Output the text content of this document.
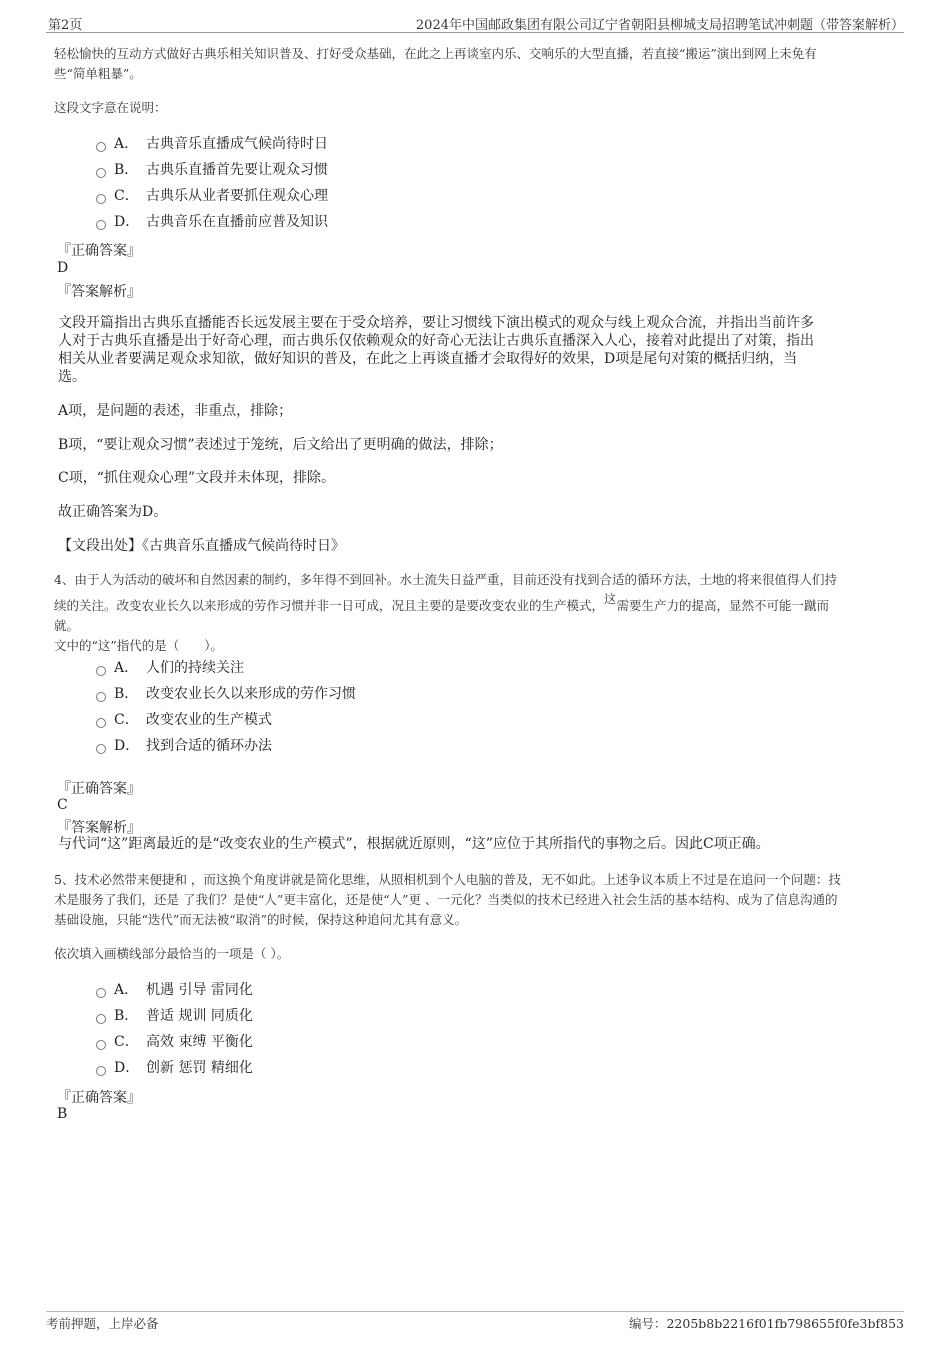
第2页	2024年中国邮政集团有限公司辽宁省朝阳县柳城支局招聘笔试冲刺题（带答案解析）
轻松愉快的互动方式做好古典乐相关知识普及、打好受众基础，在此之上再谈室内乐、交响乐的大型直播，若直接“搬运”演出到网上未免有
些“简单粗暴”。
这段文字意在说明：
A． 古典音乐直播成气候尚待时日
B． 古典乐直播首先要让观众习惯
C． 古典乐从业者要抓住观众心理
D． 古典音乐在直播前应普及知识
『正确答案』
D
『答案解析』
文段开篇指出古典乐直播能否长远发展主要在于受众培养，要让习惯线下演出模式的观众与线上观众合流，并指出当前许多
人对于古典乐直播是出于好奇心理，而古典乐仅依赖观众的好奇心无法让古典乐直播深入人心，接着对此提出了对策，指出
相关从业者要满足观众求知欲，做好知识的普及，在此之上再谈直播才会取得好的效果，D项是尾句对策的概括归纳，当
选。
A项，是问题的表述，非重点，排除；
B项，“要让观众习惯”表述过于笼统，后文给出了更明确的做法，排除；
C项，“抓住观众心理”文段并未体现，排除。
故正确答案为D。
【文段出处】《古典音乐直播成气候尚待时日》
4、由于人为活动的破坏和自然因素的制约，多年得不到回补。水土流失日益严重，目前还没有找到合适的循环方法，土地的将来很值得人们持
续的关注。改变农业长久以来形成的劳作习惯并非一日可成，况且主要的是要改变农业的生产模式， 这 需要生产力的提高，显然不可能一蹴而
就。
文中的“这”指代的是（　　）。
A． 人们的持续关注
B． 改变农业长久以来形成的劳作习惯
C． 改变农业的生产模式
D． 找到合适的循环办法
『正确答案』
C
『答案解析』
与代词“这”距离最近的是“改变农业的生产模式”，根据就近原则，“这”应位于其所指代的事物之后。因此C项正确。
5、技术必然带来便捷和 ，而这换个角度讲就是简化思维，从照相机到个人电脑的普及，无不如此。上述争议本质上不过是在追问一个问题：技
术是服务了我们，还是 了我们？是使“人”更丰富化，还是使“人”更 、一元化？当类似的技术已经进入社会生活的基本结构、成为了信息沟通的
基础设施，只能“迭代”而无法被“取消”的时候，保持这种追问尤其有意义。
依次填入画横线部分最恰当的一项是（ ）。
A． 机遇 引导 雷同化
B． 普适 规训 同质化
C． 高效 束缚 平衡化
D． 创新 惩罚 精细化
『正确答案』
B
考前押题，上岸必备	编号：2205b8b2216f01fb798655f0fe3bf853
